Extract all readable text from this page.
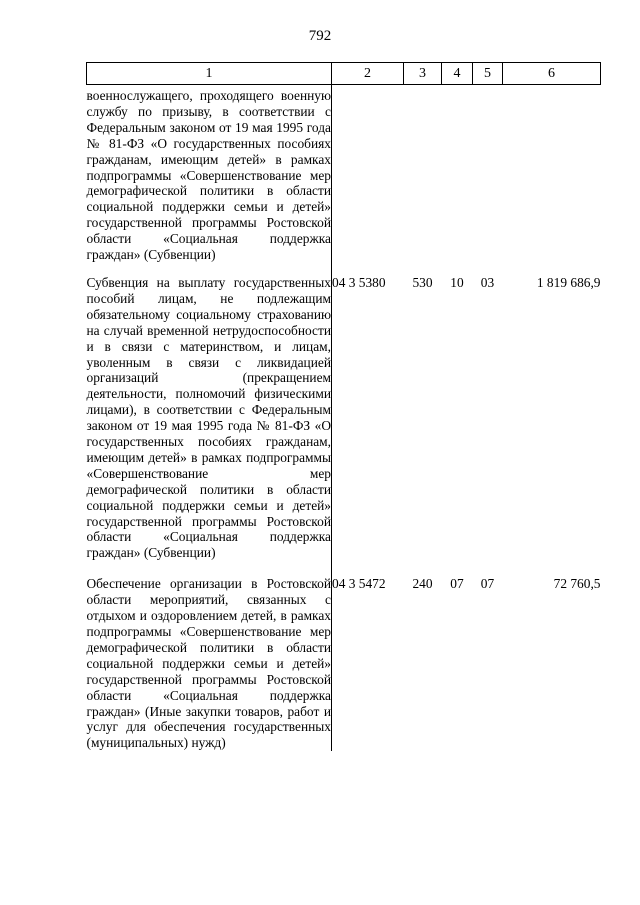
792
1	2	3	4	5	6
военнослужащего, проходящего военную службу по призыву, в соответствии с Федеральным законом от 19 мая 1995 года № 81-ФЗ «О государственных пособиях гражданам, имеющим детей» в рамках подпрограммы «Совершенствование мер демографической политики в области социальной поддержки семьи и детей» государственной программы Ростовской области «Социальная поддержка граждан» (Субвенции)					
Субвенция на выплату государственных пособий лицам, не подлежащим обязательному социальному страхованию на случай временной нетрудоспособности и в связи с материнством, и лицам, уволенным в связи с ликвидацией организаций (прекращением деятельности, полномочий физическими лицами), в соответствии с Федеральным законом от 19 мая 1995 года № 81-ФЗ «О государственных пособиях гражданам, имеющим детей» в рамках подпрограммы «Совершенствование мер демографической политики в области социальной поддержки семьи и детей» государственной программы Ростовской области «Социальная поддержка граждан» (Субвенции)	04 3 5380	530	10	03	1 819 686,9
Обеспечение организации в Ростовской области мероприятий, связанных с отдыхом и оздоровлением детей, в рамках подпрограммы «Совершенствование мер демографической политики в области социальной поддержки семьи и детей» государственной программы Ростовской области «Социальная поддержка граждан» (Иные закупки товаров, работ и услуг для обеспечения государственных (муниципальных) нужд)	04 3 5472	240	07	07	72 760,5
